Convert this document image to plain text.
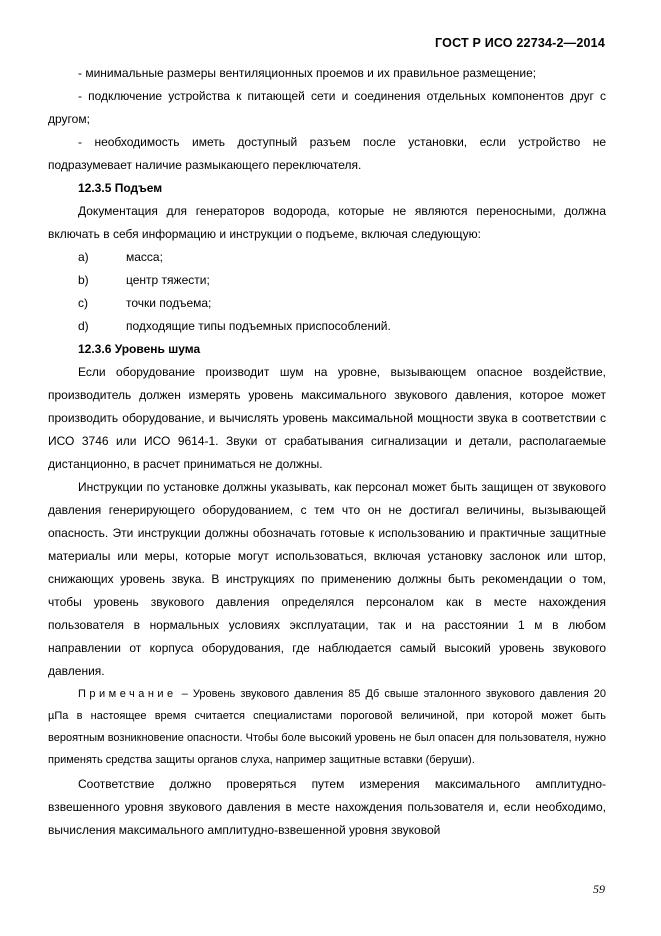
ГОСТ Р ИСО 22734-2—2014

- минимальные размеры вентиляционных проемов и их правильное размещение;

- подключение устройства к питающей сети и соединения отдельных компонентов друг с другом;

- необходимость иметь доступный разъем после установки, если устройство не подразумевает наличие размыкающего переключателя.

12.3.5 Подъем

Документация для генераторов водорода, которые не являются переносными, должна включать в себя информацию и инструкции о подъеме, включая следующую:

a)	масса;
b)	центр тяжести;
c)	точки подъема;
d)	подходящие типы подъемных приспособлений.

12.3.6 Уровень шума

Если оборудование производит шум на уровне, вызывающем опасное воздействие, производитель должен измерять уровень максимального звукового давления, которое может производить оборудование, и вычислять уровень максимальной мощности звука в соответствии с ИСО 3746 или ИСО 9614-1. Звуки от срабатывания сигнализации и детали, располагаемые дистанционно, в расчет приниматься не должны.

Инструкции по установке должны указывать, как персонал может быть защищен от звукового давления генерирующего оборудованием, с тем что он не достигал величины, вызывающей опасность. Эти инструкции должны обозначать готовые к использованию и практичные защитные материалы или меры, которые могут использоваться, включая установку заслонок или штор, снижающих уровень звука. В инструкциях по применению должны быть рекомендации о том, чтобы уровень звукового давления определялся персоналом как в месте нахождения пользователя в нормальных условиях эксплуатации, так и на расстоянии 1 м в любом направлении от корпуса оборудования, где наблюдается самый высокий уровень звукового давления.

Примечание – Уровень звукового давления 85 Дб свыше эталонного звукового давления 20 µПа в настоящее время считается специалистами пороговой величиной, при которой может быть вероятным возникновение опасности. Чтобы боле высокий уровень не был опасен для пользователя, нужно применять средства защиты органов слуха, например защитные вставки (беруши).

Соответствие должно проверяться путем измерения максимального амплитудно-взвешенного уровня звукового давления в месте нахождения пользователя и, если необходимо, вычисления максимального амплитудно-взвешенной уровня звуковой

59
